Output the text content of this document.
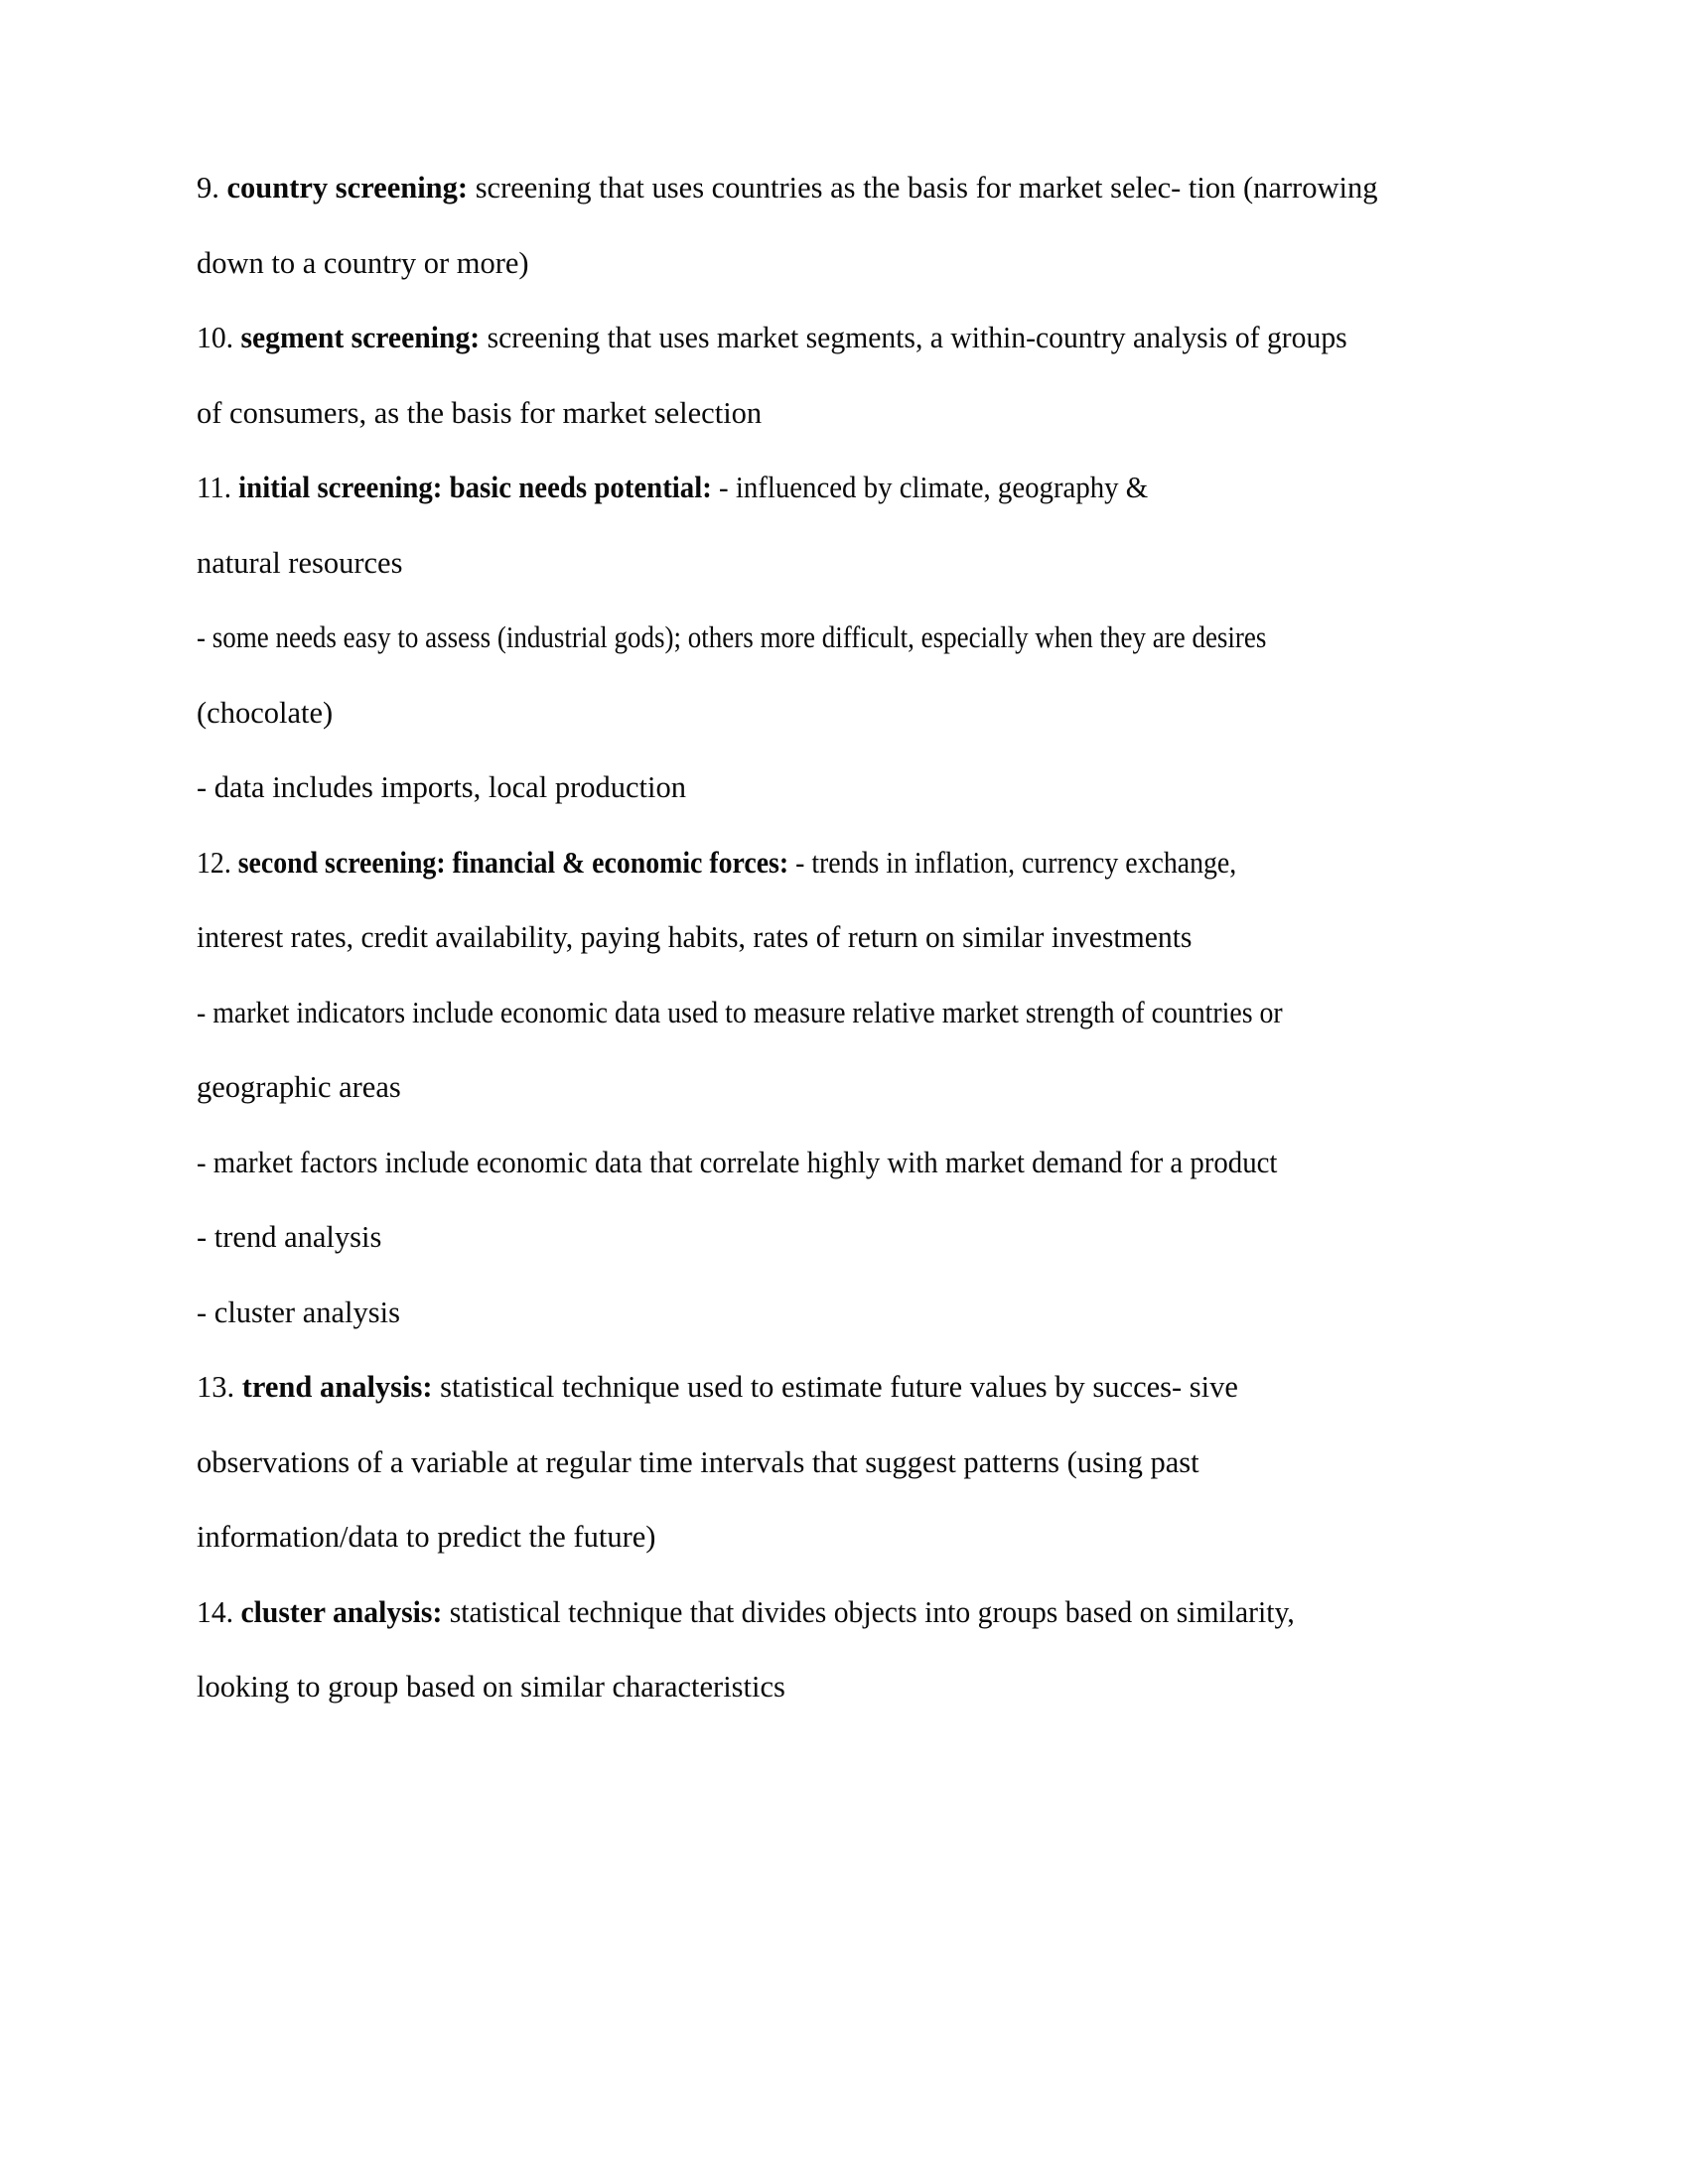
9. country screening: screening that uses countries as the basis for market selec- tion (narrowing
down to a country or more)
10. segment screening: screening that uses market segments, a within-country analysis of groups
of consumers, as the basis for market selection
11. initial screening: basic needs potential: - influenced by climate, geography &
natural resources
- some needs easy to assess (industrial gods); others more difficult, especially when they are desires
(chocolate)
- data includes imports, local production
12. second screening: financial & economic forces: - trends in inflation, currency exchange,
interest rates, credit availability, paying habits, rates of return on similar investments
- market indicators include economic data used to measure relative market strength of countries or
geographic areas
- market factors include economic data that correlate highly with market demand for a product
- trend analysis
- cluster analysis
13. trend analysis: statistical technique used to estimate future values by succes- sive
observations of a variable at regular time intervals that suggest patterns (using past
information/data to predict the future)
14. cluster analysis: statistical technique that divides objects into groups based on similarity,
looking to group based on similar characteristics
